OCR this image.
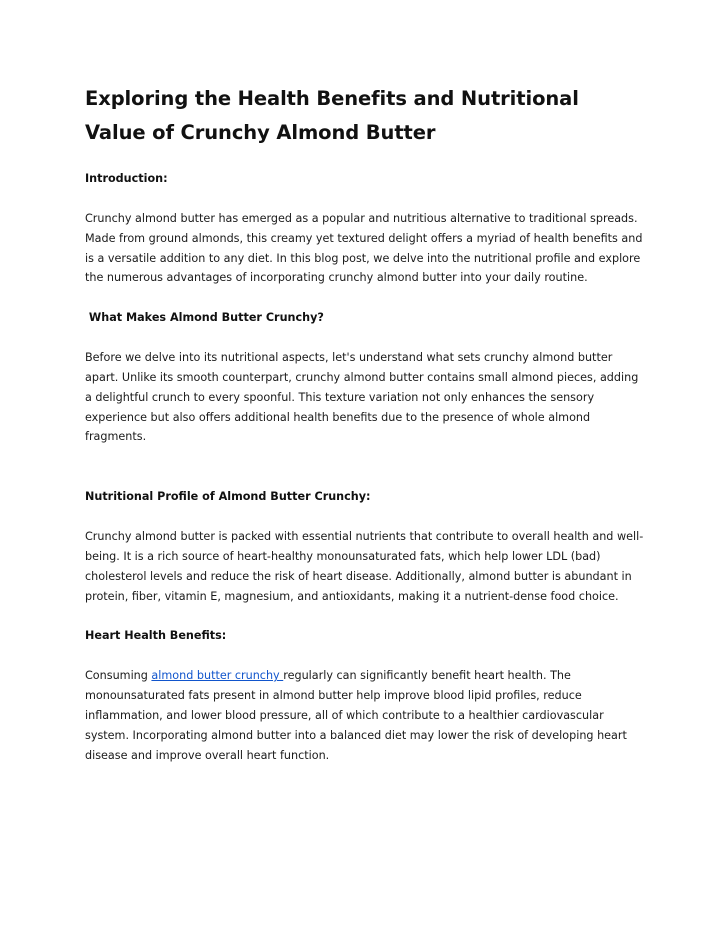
Exploring the Health Benefits and Nutritional Value of Crunchy Almond Butter

Introduction:

Crunchy almond butter has emerged as a popular and nutritious alternative to traditional spreads. Made from ground almonds, this creamy yet textured delight offers a myriad of health benefits and is a versatile addition to any diet. In this blog post, we delve into the nutritional profile and explore the numerous advantages of incorporating crunchy almond butter into your daily routine.

What Makes Almond Butter Crunchy?

Before we delve into its nutritional aspects, let's understand what sets crunchy almond butter apart. Unlike its smooth counterpart, crunchy almond butter contains small almond pieces, adding a delightful crunch to every spoonful. This texture variation not only enhances the sensory experience but also offers additional health benefits due to the presence of whole almond fragments.

Nutritional Profile of Almond Butter Crunchy:

Crunchy almond butter is packed with essential nutrients that contribute to overall health and well-being. It is a rich source of heart-healthy monounsaturated fats, which help lower LDL (bad) cholesterol levels and reduce the risk of heart disease. Additionally, almond butter is abundant in protein, fiber, vitamin E, magnesium, and antioxidants, making it a nutrient-dense food choice.

Heart Health Benefits:

Consuming almond butter crunchy regularly can significantly benefit heart health. The monounsaturated fats present in almond butter help improve blood lipid profiles, reduce inflammation, and lower blood pressure, all of which contribute to a healthier cardiovascular system. Incorporating almond butter into a balanced diet may lower the risk of developing heart disease and improve overall heart function.
